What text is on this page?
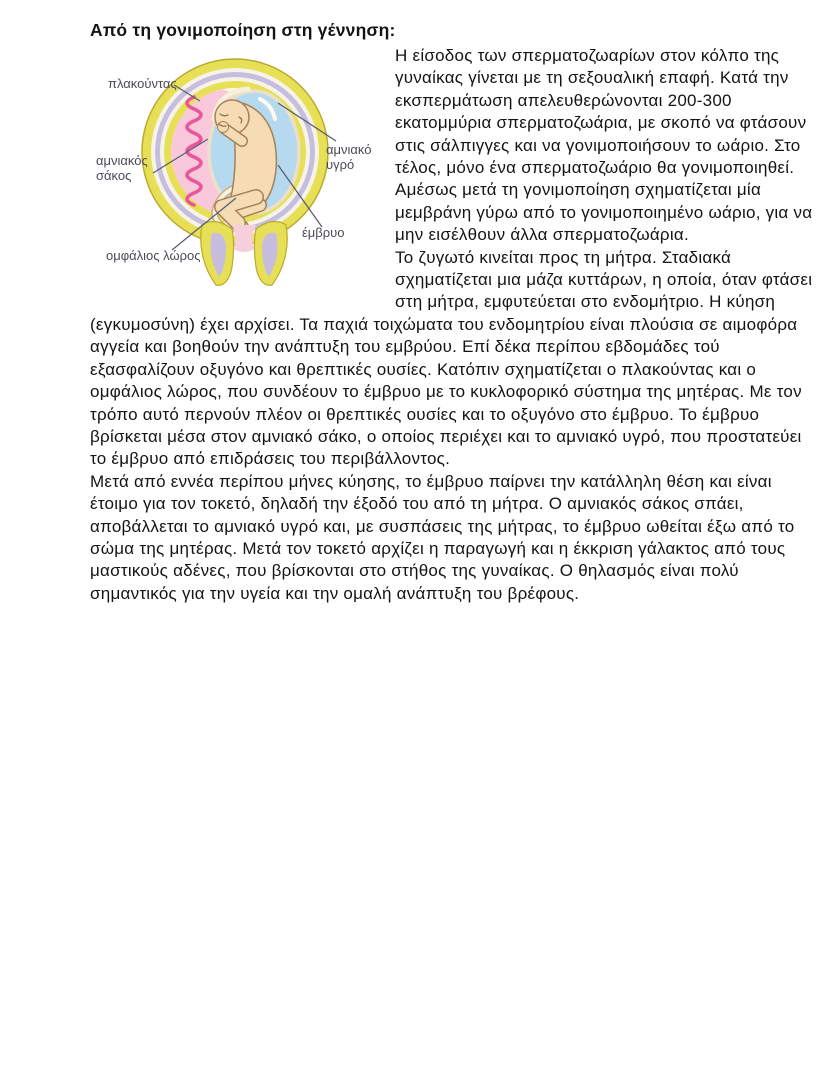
Από τη γονιμοποίηση στη γέννηση:
πλακούντας
αμνιακός σάκος
ομφάλιος λώρος
αμνιακό υγρό
έμβρυο

Η είσοδος των σπερματοζωαρίων στον κόλπο της γυναίκας γίνεται με τη σεξουαλική επαφή. Κατά την εκσπερμάτωση απελευθερώνονται 200-300 εκατομμύρια σπερματοζωάρια, με σκοπό να φτάσουν στις σάλπιγγες και να γονιμοποιήσουν το ωάριο. Στο τέλος, μόνο ένα σπερματοζωάριο θα γονιμοποιηθεί.

Αμέσως μετά τη γονιμοποίηση σχηματίζεται μία μεμβράνη γύρω από το γονιμοποιημένο ωάριο, για να μην εισέλθουν άλλα σπερματοζωάρια.

Το ζυγωτό κινείται προς τη μήτρα. Σταδιακά σχηματίζεται μια μάζα κυττάρων, η οποία, όταν φτάσει στη μήτρα, εμφυτεύεται στο ενδομήτριο. Η κύηση (εγκυμοσύνη) έχει αρχίσει. Τα παχιά τοιχώματα του ενδομητρίου είναι πλούσια σε αιμοφόρα αγγεία και βοηθούν την ανάπτυξη του εμβρύου. Επί δέκα περίπου εβδομάδες τού εξασφαλίζουν οξυγόνο και θρεπτικές ουσίες. Κατόπιν σχηματίζεται ο πλακούντας και ο ομφάλιος λώρος, που συνδέουν το έμβρυο με το κυκλοφορικό σύστημα της μητέρας. Με τον τρόπο αυτό περνούν πλέον οι θρεπτικές ουσίες και το οξυγόνο στο έμβρυο. Το έμβρυο βρίσκεται μέσα στον αμνιακό σάκο, ο οποίος περιέχει και το αμνιακό υγρό, που προστατεύει το έμβρυο από επιδράσεις του περιβάλλοντος.

Μετά από εννέα περίπου μήνες κύησης, το έμβρυο παίρνει την κατάλληλη θέση και είναι έτοιμο για τον τοκετό, δηλαδή την έξοδό του από τη μήτρα. Ο αμνιακός σάκος σπάει, αποβάλλεται το αμνιακό υγρό και, με συσπάσεις της μήτρας, το έμβρυο ωθείται έξω από το σώμα της μητέρας. Μετά τον τοκετό αρχίζει η παραγωγή και η έκκριση γάλακτος από τους μαστικούς αδένες, που βρίσκονται στο στήθος της γυναίκας. Ο θηλασμός είναι πολύ σημαντικός για την υγεία και την ομαλή ανάπτυξη του βρέφους.
